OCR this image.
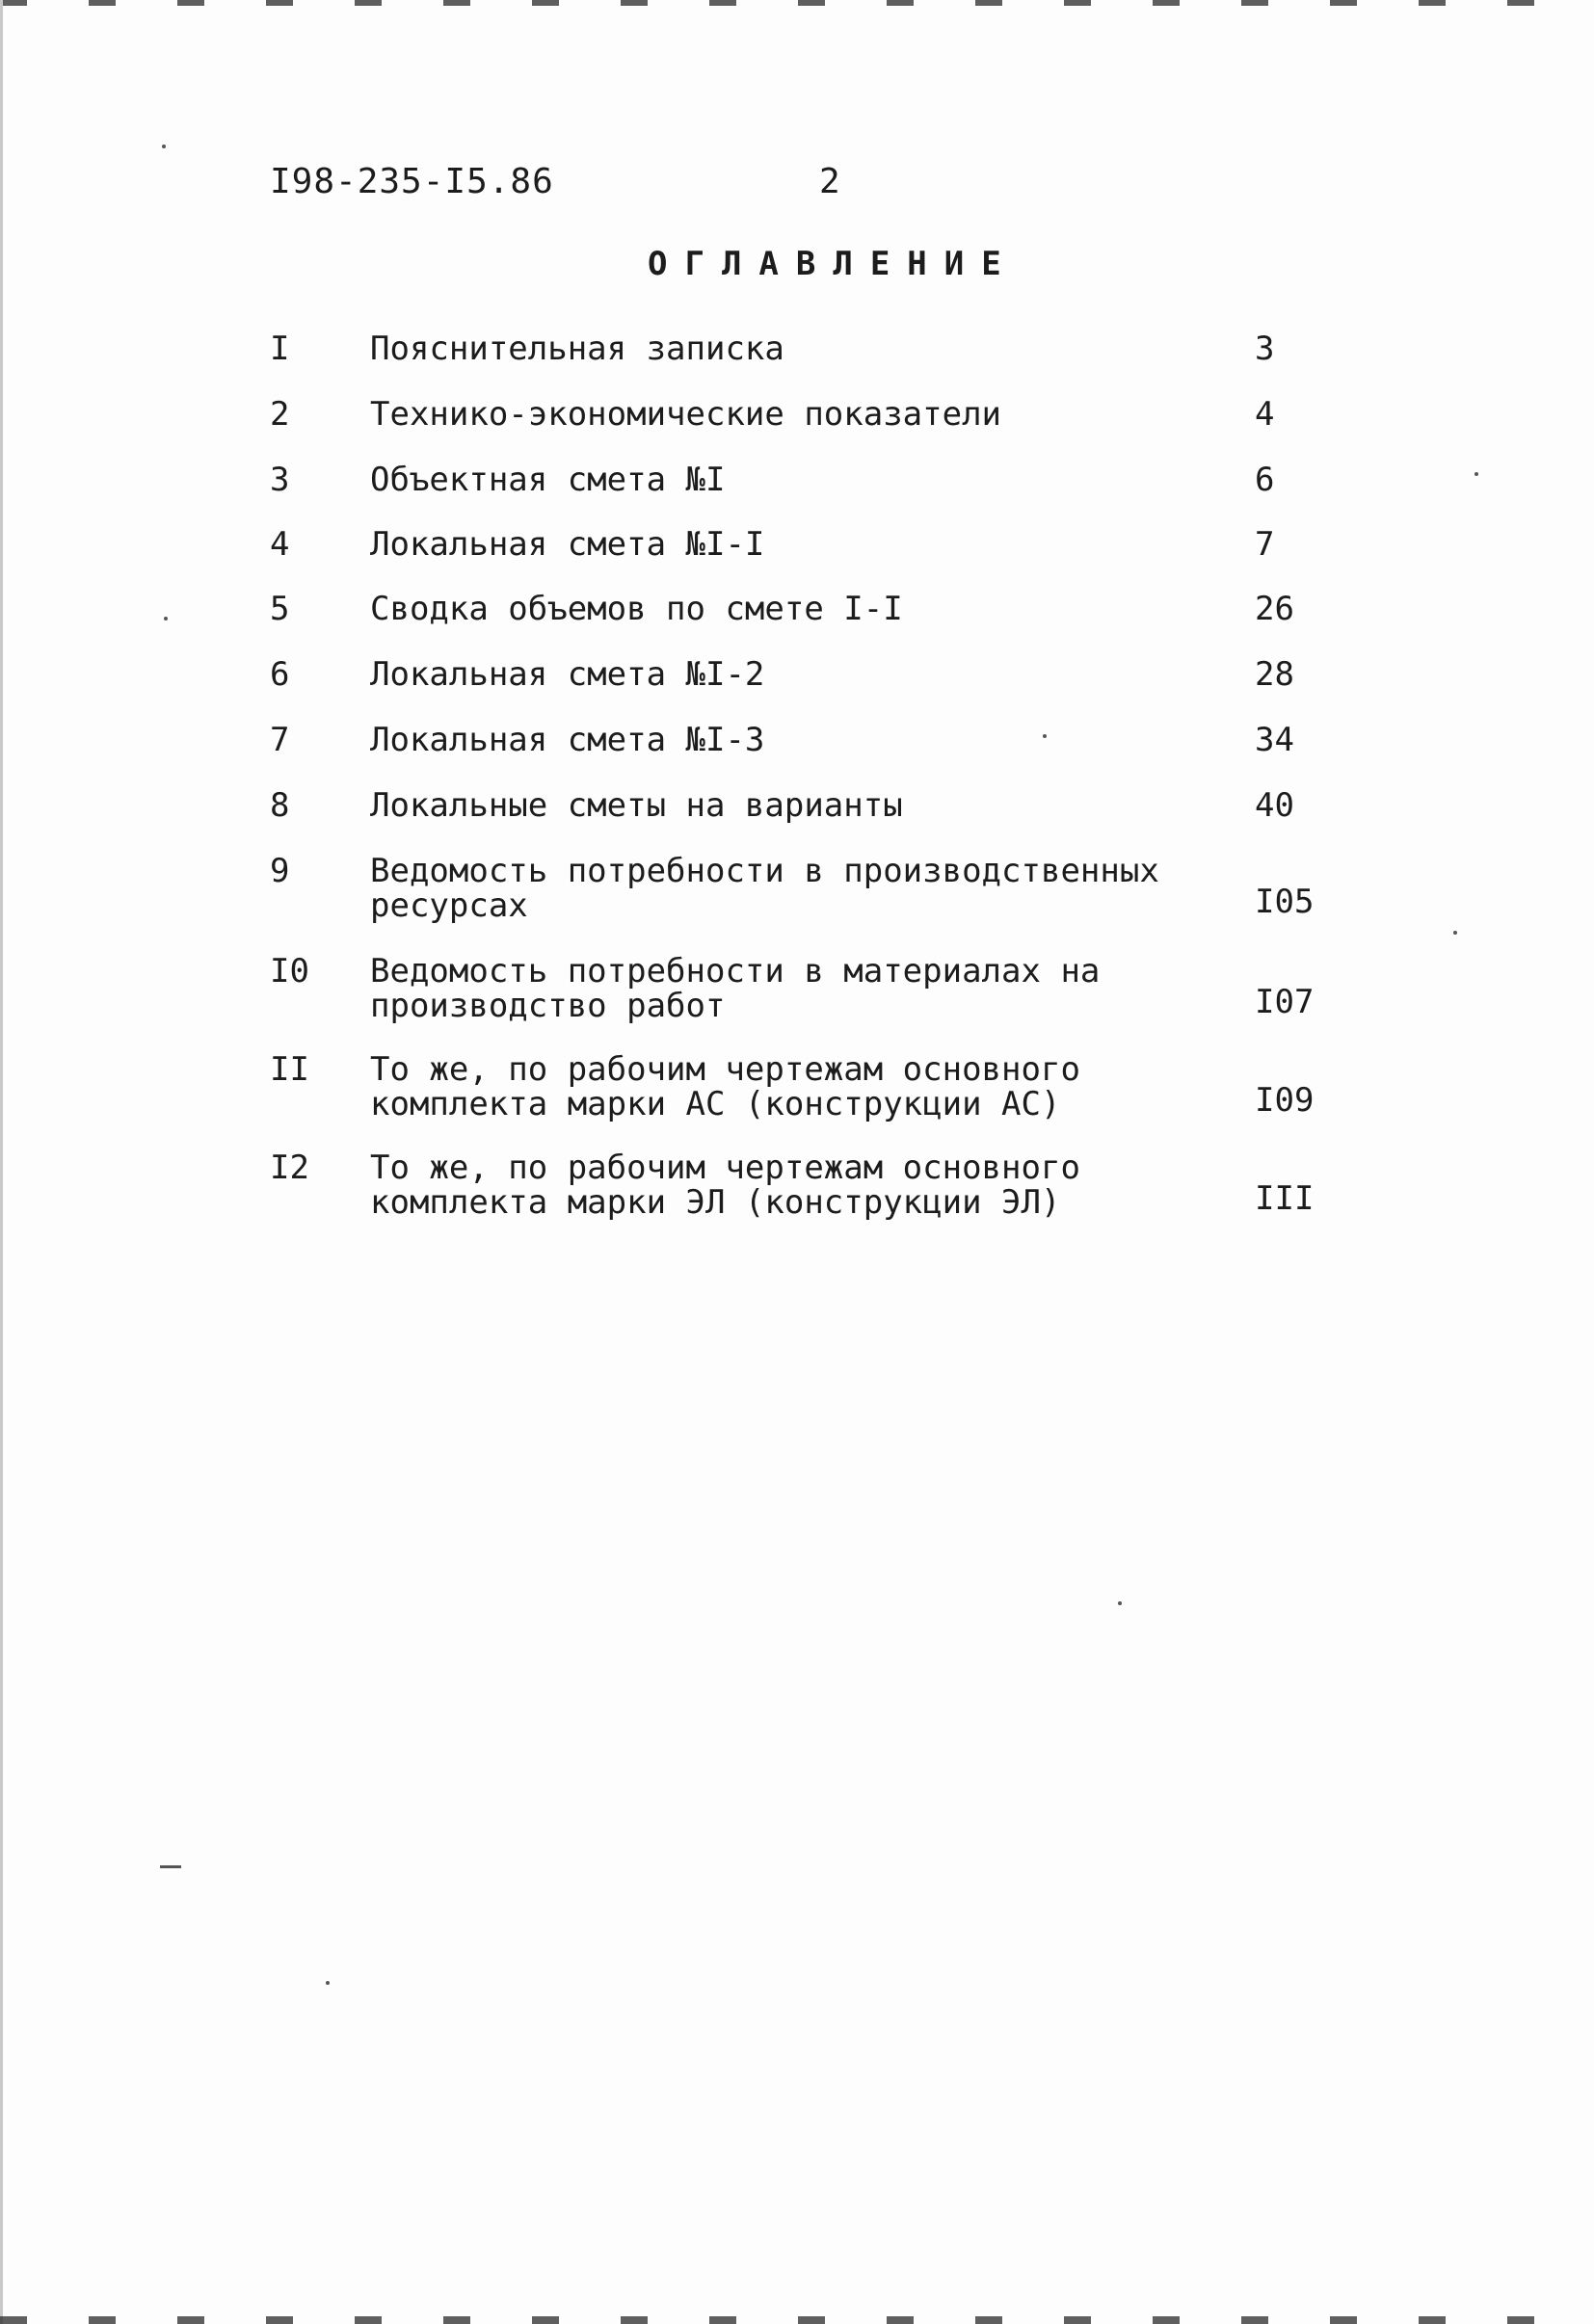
I98-235-I5.86	2
ОГЛАВЛЕНИЕ
I Пояснительная записка	3
2 Технико-экономические показатели	4
3 Объектная смета №I	6
4 Локальная смета №I-I	7
5 Сводка объемов по смете I-I	26
6 Локальная смета №I-2	28
7 Локальная смета №I-3	34
8 Локальные сметы на варианты	40
9 Ведомость потребности в производственных ресурсах	I05
I0 Ведомость потребности в материалах на производство работ	I07
II То же, по рабочим чертежам основного комплекта марки АС (конструкции АС)	I09
I2 То же, по рабочим чертежам основного комплекта марки ЭЛ (конструкции ЭЛ)	III
